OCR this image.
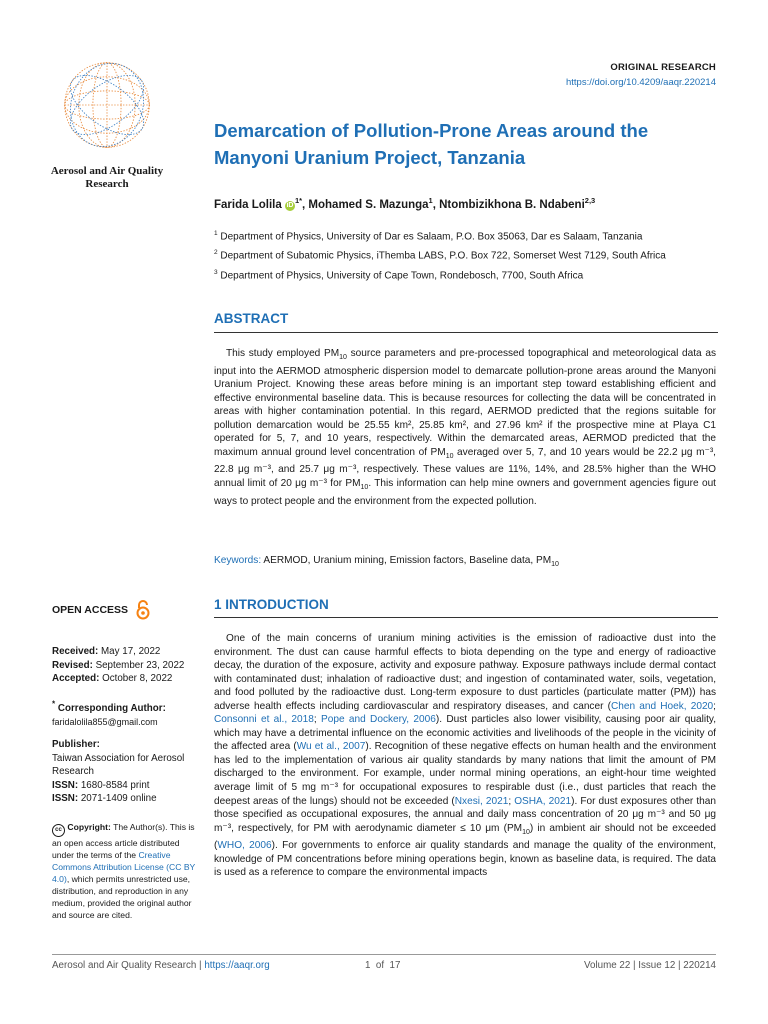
ORIGINAL RESEARCH
https://doi.org/10.4209/aaqr.220214
Aerosol and Air Quality
Research
Demarcation of Pollution-Prone Areas around the
Manyoni Uranium Project, Tanzania
Farida Lolila $iD^{1*}$, Mohamed S. Mazunga$^1$, Ntombizikhona B. Ndabeni$^{2,3}$
$^1$ Department of Physics, University of Dar es Salaam, P.O. Box 35063, Dar es Salaam, Tanzania
$^2$ Department of Subatomic Physics, iThemba LABS, P.O. Box 722, Somerset West 7129, South Africa
$^3$ Department of Physics, University of Cape Town, Rondebosch, 7700, South Africa
ABSTRACT

This study employed $PM_{10}$ source parameters and pre-processed topographical and meteorological data as input into the AERMOD atmospheric dispersion model to demarcate pollution-prone areas around the Manyoni Uranium Project. Knowing these areas before mining is an important step toward establishing efficient and effective environmental baseline data. This is because resources for collecting the data will be concentrated in areas with higher contamination potential. In this regard, AERMOD predicted that the regions suitable for pollution demarcation would be 25.55 km², 25.85 km², and 27.96 km² if the prospective mine at Playa C1 operated for 5, 7, and 10 years, respectively. Within the demarcated areas, AERMOD predicted that the maximum annual ground level concentration of $PM_{10}$ averaged over 5, 7, and 10 years would be 22.2 μg m⁻³, 22.8 μg m⁻³, and 25.7 μg m⁻³, respectively. These values are 11%, 14%, and 28.5% higher than the WHO annual limit of 20 μg m⁻³ for $PM_{10}$. This information can help mine owners and government agencies figure out ways to protect people and the environment from the expected pollution.

Keywords: AERMOD, Uranium mining, Emission factors, Baseline data, $PM_{10}$
1 INTRODUCTION

One of the main concerns of uranium mining activities is the emission of radioactive dust into the environment. The dust can cause harmful effects to biota depending on the type and energy of radioactive decay, the duration of the exposure, activity and exposure pathway. Exposure pathways include dermal contact with contaminated dust; inhalation of radioactive dust; and ingestion of contaminated water, soils, vegetation, and food polluted by the radioactive dust. Long-term exposure to dust particles (particulate matter (PM)) has adverse health effects including cardiovascular and respiratory diseases, and cancer (Chen and Hoek, 2020; Consonni et al., 2018; Pope and Dockery, 2006). Dust particles also lower visibility, causing poor air quality, which may have a detrimental influence on the economic activities and livelihoods of the people in the vicinity of the affected area (Wu et al., 2007). Recognition of these negative effects on human health and the environment has led to the implementation of various air quality standards by many nations that limit the amount of PM discharged to the environment. For example, under normal mining operations, an eight-hour time weighted average limit of 5 mg m⁻³ for occupational exposures to respirable dust (i.e., dust particles that reach the deepest areas of the lungs) should not be exceeded (Nxesi, 2021; OSHA, 2021). For dust exposures other than those specified as occupational exposures, the annual and daily mass concentration of 20 μg m⁻³ and 50 μg m⁻³, respectively, for PM with aerodynamic diameter ≤ 10 μm $(PM_{10})$ in ambient air should not be exceeded (WHO, 2006). For governments to enforce air quality standards and manage the quality of the environment, knowledge of PM concentrations before mining operations begin, known as baseline data, is required. The data is used as a reference to compare the environmental impacts

OPEN ACCESS
Received: May 17, 2022
Revised: September 23, 2022
Accepted: October 8, 2022
* Corresponding Author:
faridalolila855@gmail.com
Publisher:
Taiwan Association for Aerosol Research
ISSN: 1680-8584 print
ISSN: 2071-1409 online
cc Copyright: The Author(s). This is an open access article distributed under the terms of the Creative Commons Attribution License (CC BY 4.0), which permits unrestricted use, distribution, and reproduction in any medium, provided the original author and source are cited.
Aerosol and Air Quality Research | https://aaqr.org	1 of 17	Volume 22 | Issue 12 | 220214
